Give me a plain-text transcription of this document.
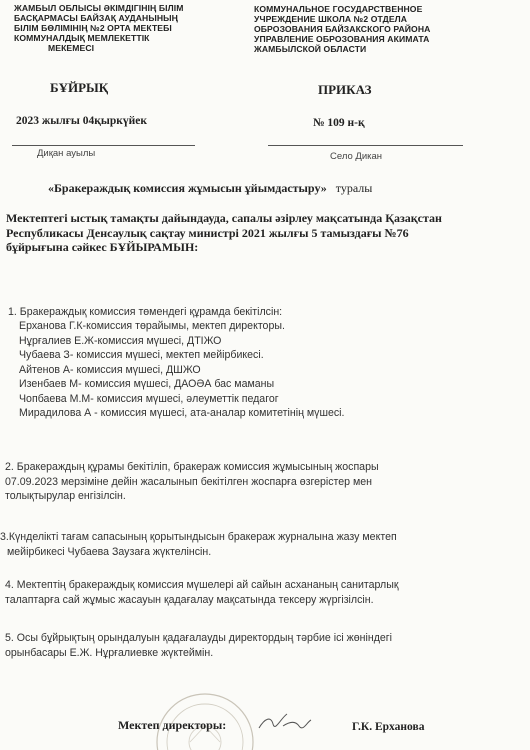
ЖАМБЫЛ ОБЛЫСЫ ӘКІМДІГІНІҢ БІЛІМ
БАСҚАРМАСЫ БАЙЗАҚ АУДАНЫНЫҢ
БІЛІМ БӨЛІМІНІҢ №2 ОРТА МЕКТЕБІ
КОММУНАЛДЫҚ МЕМЛЕКЕТТІК
МЕКЕМЕСІ
КОММУНАЛЬНОЕ ГОСУДАРСТВЕННОЕ
УЧРЕЖДЕНИЕ ШКОЛА №2 ОТДЕЛА
ОБРОЗОВАНИЯ БАЙЗАКСКОГО РАЙОНА
УПРАВЛЕНИЕ ОБРОЗОВАНИЯ АКИМАТА
ЖАМБЫЛСКОЙ ОБЛАСТИ
БҰЙРЫҚ	ПРИКАЗ
2023 жылғы 04қыркүйек	№ 109 н-қ
Диқан ауылы	Село Дикан
«Бракераждық комиссия жұмысын ұйымдастыру» туралы
Мектептегі ыстық тамақты дайындауда, сапалы әзірлеу мақсатында Қазақстан
Республикасы Денсаулық сақтау министрі 2021 жылғы 5 тамыздағы №76
бұйрығына сәйкес БҰЙЫРАМЫН:
1. Бракераждық комиссия төмендегі құрамда бекітілсін:
Ерханова Г.К-комиссия төрайымы, мектеп директоры.
Нұрғалиев Е.Ж-комиссия мүшесі, ДТІЖО
Чубаева З- комиссия мүшесі, мектеп мейірбикесі.
Айтенов А- комиссия мүшесі, ДШЖО
Изенбаев М- комиссия мүшесі, ДАОӘА бас маманы
Чопбаева М.М- комиссия мүшесі, әлеуметтік педагог
Мирадилова А - комиссия мүшесі, ата-аналар комитетінің мүшесі.
2. Бракераждың құрамы бекітіліп, бракераж комиссия жұмысының жоспары
07.09.2023 мерзіміне дейін жасалынып бекітілген жоспарға өзгерістер мен
толықтырулар енгізілсін.
3.Күнделікті тағам сапасының қорытындысын бракераж журналына жазу мектеп
мейірбикесі Чубаева Заузаға жүктелінсін.
4. Мектептің бракераждық комиссия мүшелері ай сайын асхананың санитарлық
талаптарға сай жұмыс жасауын қадағалау мақсатында тексеру жүргізілсін.
5. Осы бұйрықтың орындалуын қадағалауды директордың тәрбие ісі жөніндегі
орынбасары Е.Ж. Нұрғалиевке жүктеймін.
Мектеп директоры:	Г.К. Ерханова
